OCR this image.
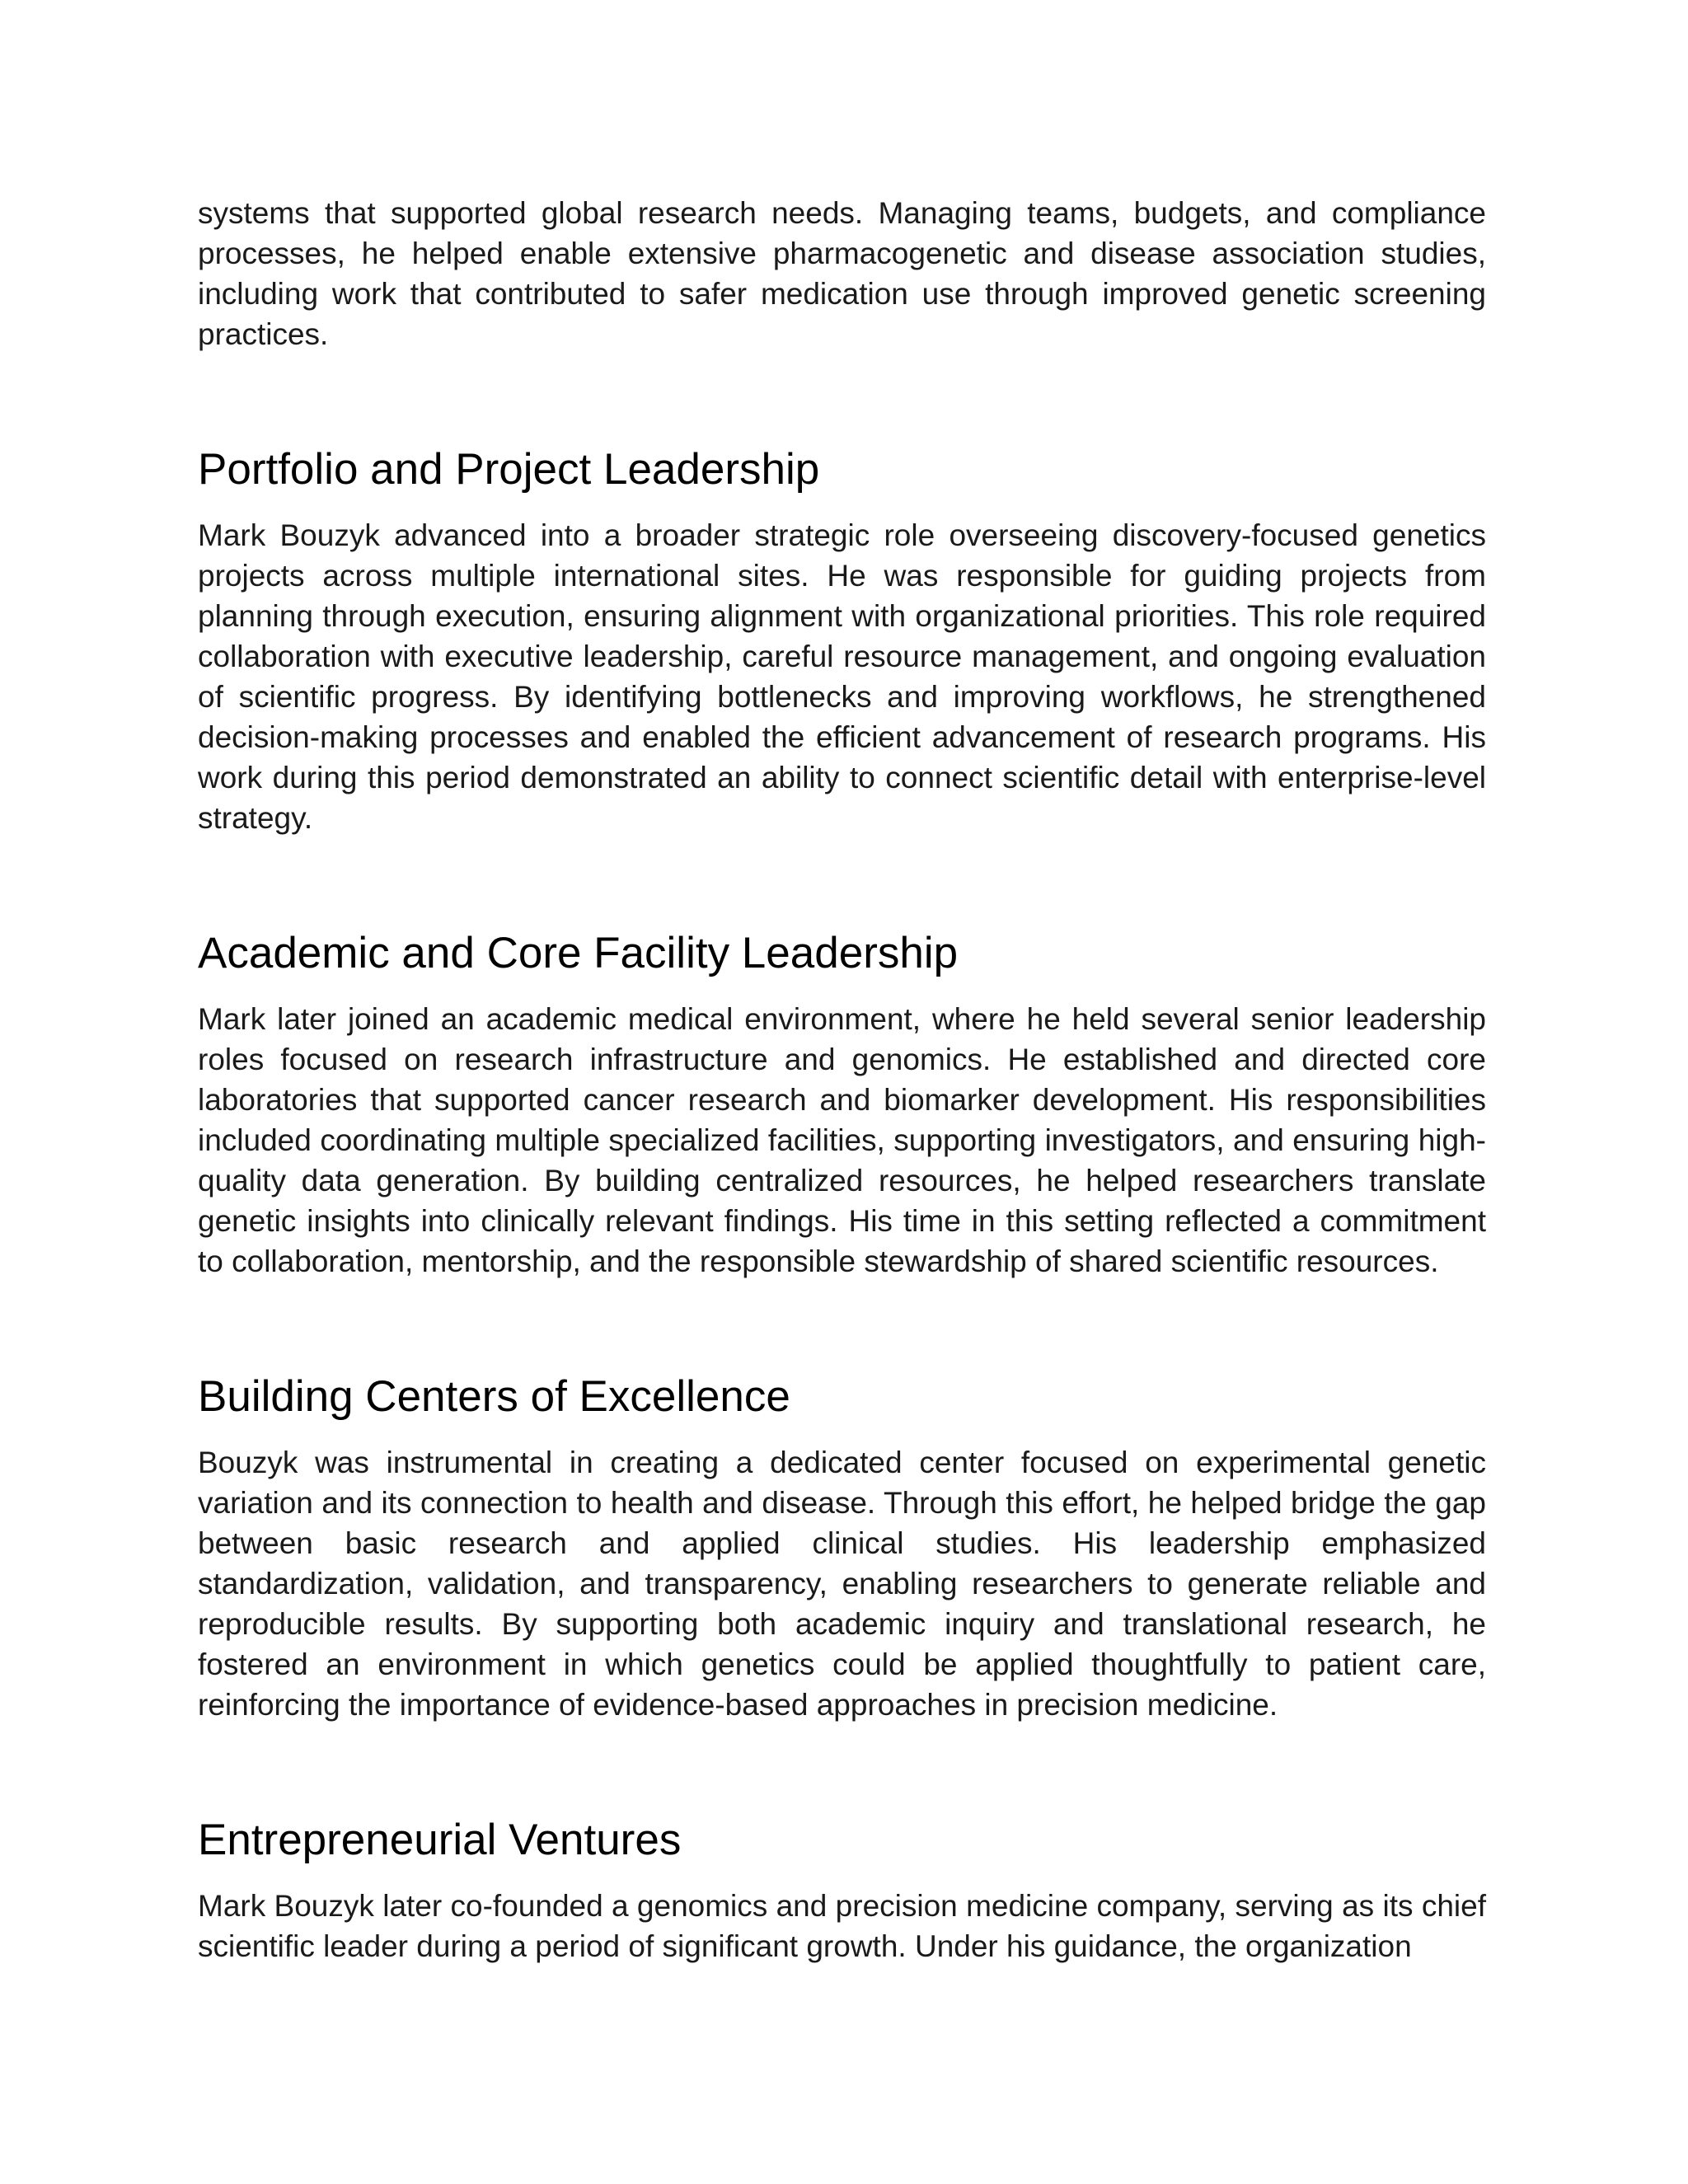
systems that supported global research needs. Managing teams, budgets, and compliance processes, he helped enable extensive pharmacogenetic and disease association studies, including work that contributed to safer medication use through improved genetic screening practices.

Portfolio and Project Leadership

Mark Bouzyk advanced into a broader strategic role overseeing discovery-focused genetics projects across multiple international sites. He was responsible for guiding projects from planning through execution, ensuring alignment with organizational priorities. This role required collaboration with executive leadership, careful resource management, and ongoing evaluation of scientific progress. By identifying bottlenecks and improving workflows, he strengthened decision-making processes and enabled the efficient advancement of research programs. His work during this period demonstrated an ability to connect scientific detail with enterprise-level strategy.

Academic and Core Facility Leadership

Mark later joined an academic medical environment, where he held several senior leadership roles focused on research infrastructure and genomics. He established and directed core laboratories that supported cancer research and biomarker development. His responsibilities included coordinating multiple specialized facilities, supporting investigators, and ensuring high-quality data generation. By building centralized resources, he helped researchers translate genetic insights into clinically relevant findings. His time in this setting reflected a commitment to collaboration, mentorship, and the responsible stewardship of shared scientific resources.

Building Centers of Excellence

Bouzyk was instrumental in creating a dedicated center focused on experimental genetic variation and its connection to health and disease. Through this effort, he helped bridge the gap between basic research and applied clinical studies. His leadership emphasized standardization, validation, and transparency, enabling researchers to generate reliable and reproducible results. By supporting both academic inquiry and translational research, he fostered an environment in which genetics could be applied thoughtfully to patient care, reinforcing the importance of evidence-based approaches in precision medicine.

Entrepreneurial Ventures

Mark Bouzyk later co-founded a genomics and precision medicine company, serving as its chief scientific leader during a period of significant growth. Under his guidance, the organization
